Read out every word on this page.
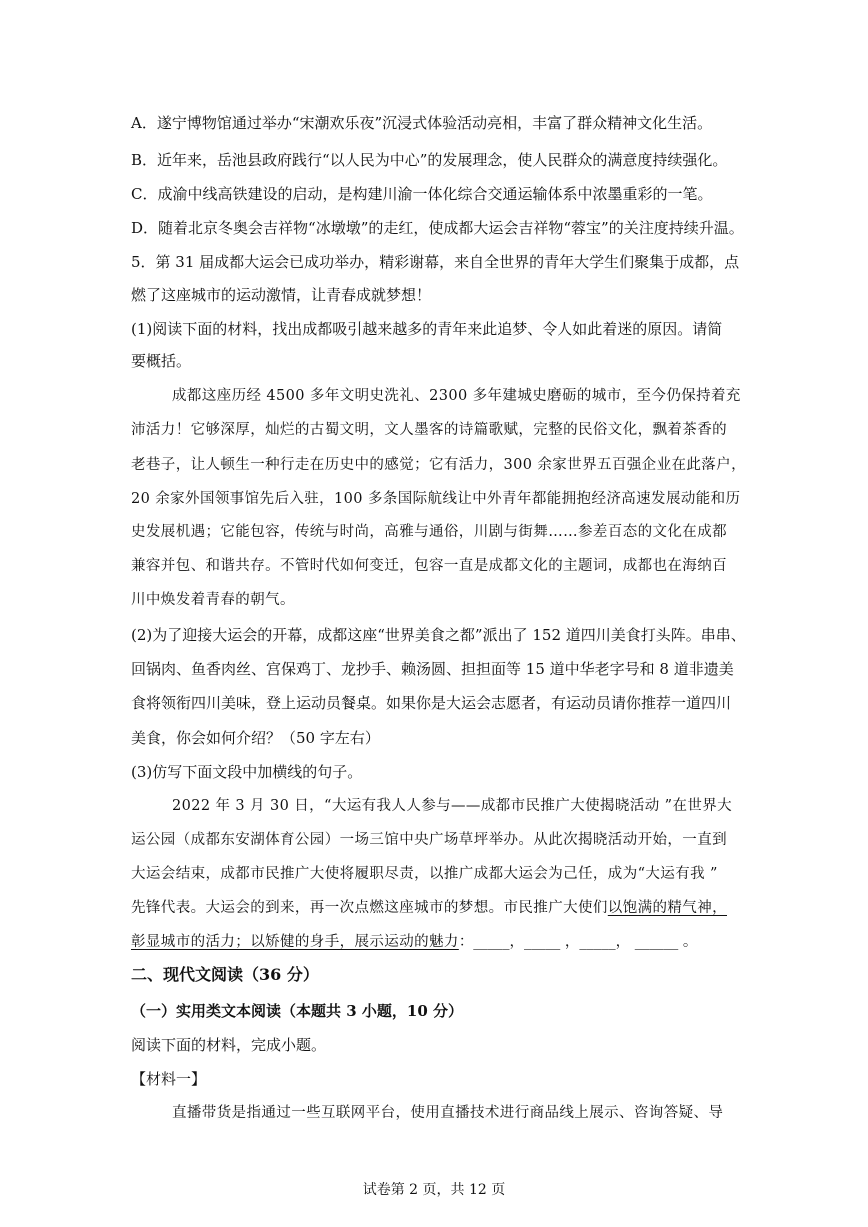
A．遂宁博物馆通过举办“宋潮欢乐夜”沉浸式体验活动亮相，丰富了群众精神文化生活。
B．近年来，岳池县政府践行“以人民为中心”的发展理念，使人民群众的满意度持续强化。
C．成渝中线高铁建设的启动，是构建川渝一体化综合交通运输体系中浓墨重彩的一笔。
D．随着北京冬奥会吉祥物“冰墩墩”的走红，使成都大运会吉祥物“蓉宝”的关注度持续升温。
5．第 31 届成都大运会已成功举办，精彩谢幕，来自全世界的青年大学生们聚集于成都，点
燃了这座城市的运动激情，让青春成就梦想！
(1)阅读下面的材料，找出成都吸引越来越多的青年来此追梦、令人如此着迷的原因。请简
要概括。
成都这座历经 4500 多年文明史洗礼、2300 多年建城史磨砺的城市，至今仍保持着充
沛活力！它够深厚，灿烂的古蜀文明，文人墨客的诗篇歌赋，完整的民俗文化，飘着茶香的
老巷子，让人顿生一种行走在历史中的感觉；它有活力，300 余家世界五百强企业在此落户，
20 余家外国领事馆先后入驻，100 多条国际航线让中外青年都能拥抱经济高速发展动能和历
史发展机遇；它能包容，传统与时尚，高雅与通俗，川剧与街舞……参差百态的文化在成都
兼容并包、和谐共存。不管时代如何变迁，包容一直是成都文化的主题词，成都也在海纳百
川中焕发着青春的朝气。
(2)为了迎接大运会的开幕，成都这座“世界美食之都”派出了 152 道四川美食打头阵。串串、
回锅肉、鱼香肉丝、宫保鸡丁、龙抄手、赖汤圆、担担面等 15 道中华老字号和 8 道非遗美
食将领衔四川美味，登上运动员餐桌。如果你是大运会志愿者，有运动员请你推荐一道四川
美食，你会如何介绍？（50 字左右）
(3)仿写下面文段中加横线的句子。
2022 年 3 月 30 日，“大运有我人人参与——成都市民推广大使揭晓活动 ”在世界大
运公园（成都东安湖体育公园）一场三馆中央广场草坪举办。从此次揭晓活动开始，一直到
大运会结束，成都市民推广大使将履职尽责，以推广成都大运会为己任，成为“大运有我 ”
先锋代表。大运会的到来，再一次点燃这座城市的梦想。市民推广大使们以饱满的精气神，
彰显城市的活力；以矫健的身手，展示运动的魅力：_____，_____ ，_____， ______ 。
二、现代文阅读（36 分）
（一）实用类文本阅读（本题共 3 小题，10 分）
阅读下面的材料，完成小题。
【材料一】
直播带货是指通过一些互联网平台，使用直播技术进行商品线上展示、咨询答疑、导
试卷第 2 页，共 12 页
